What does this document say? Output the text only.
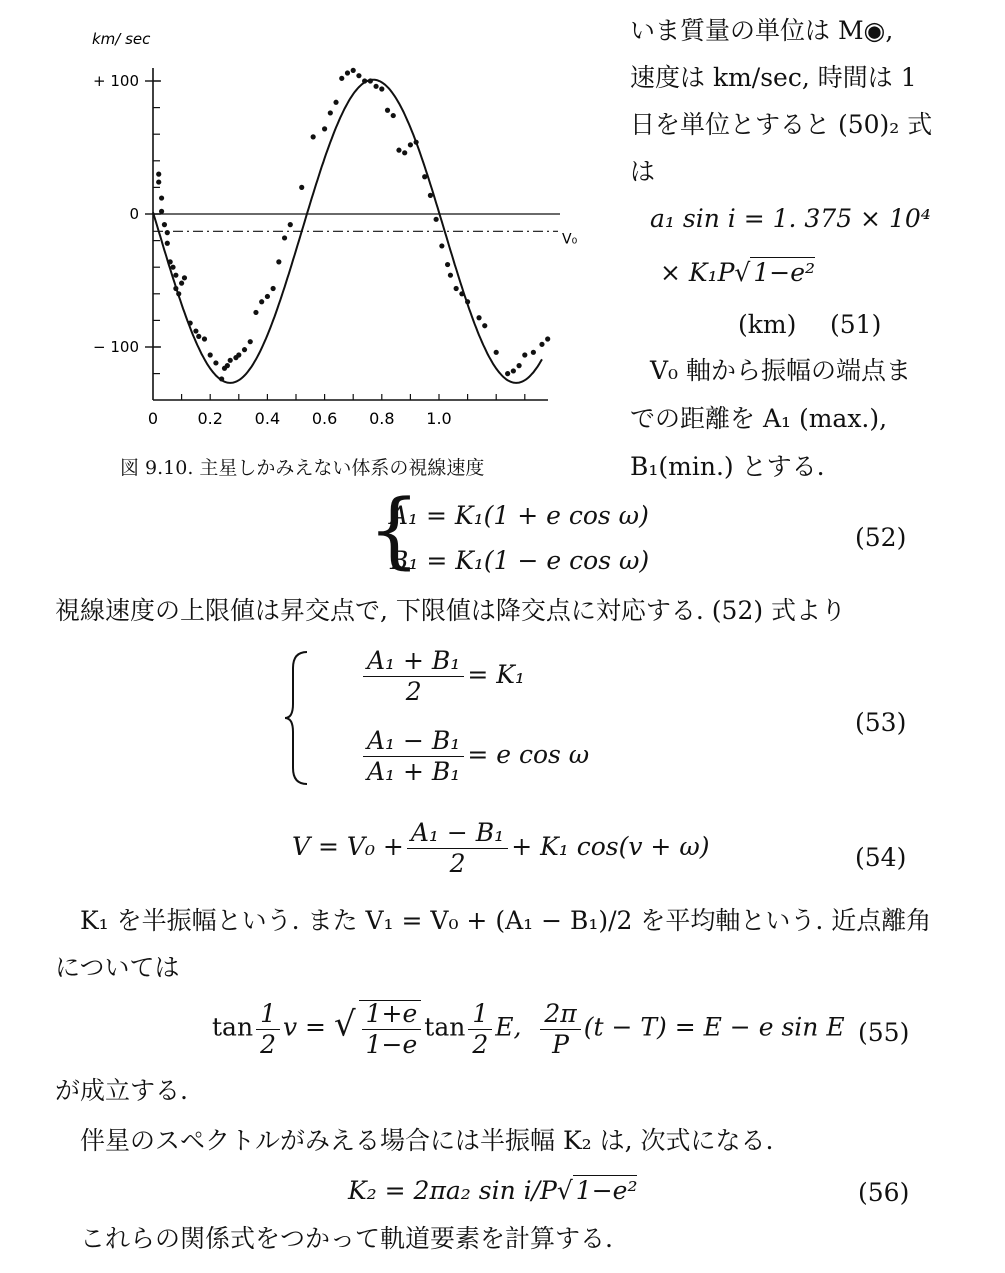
km/ sec
+ 100
0
− 100
0 0.2 0.4 0.6 0.8 1.0
V₀
図 9.10. 主星しかみえない体系の視線速度
いま質量の単位は M◉,
速度は km/sec, 時間は 1
日を単位とすると (50)₂ 式
は
a₁ sin i = 1. 375 × 10⁴
× K₁P√ 1−e²
(km) (51)
V₀ 軸から振幅の端点ま
での距離を A₁ (max.),
B₁(min.) とする.
{
A₁ = K₁(1 + e cos ω)
B₁ = K₁(1 − e cos ω)
(52)
視線速度の上限値は昇交点で, 下限値は降交点に対応する. (52) 式より
$\frac{\text{A₁ + B₁}}{2} = K_1$
$\frac{\text{A₁ − B₁}}{\text{A₁ + B₁}} = e$ cos ω
(53)
$V = V_0 + \frac{\text{A₁ − B₁}}{2} + K_1$ cos(v + ω)	(54)
K₁ を半振幅という. また V₁ = V₀ + (A₁ − B₁)/2 を平均軸という. 近点離角
については
$\tan \frac{1}{2}$ v = √ $\frac{1+e}{1-e}$ $\tan \frac{1}{2} E$, $\frac{2\pi}{P} (t - T) = E - e$ sin E (55)
が成立する.
伴星のスペクトルがみえる場合には半振幅 K₂ は, 次式になる.
K₂ = 2πa₂ sin i/P√ 1−e²	(56)
これらの関係式をつかって軌道要素を計算する.
